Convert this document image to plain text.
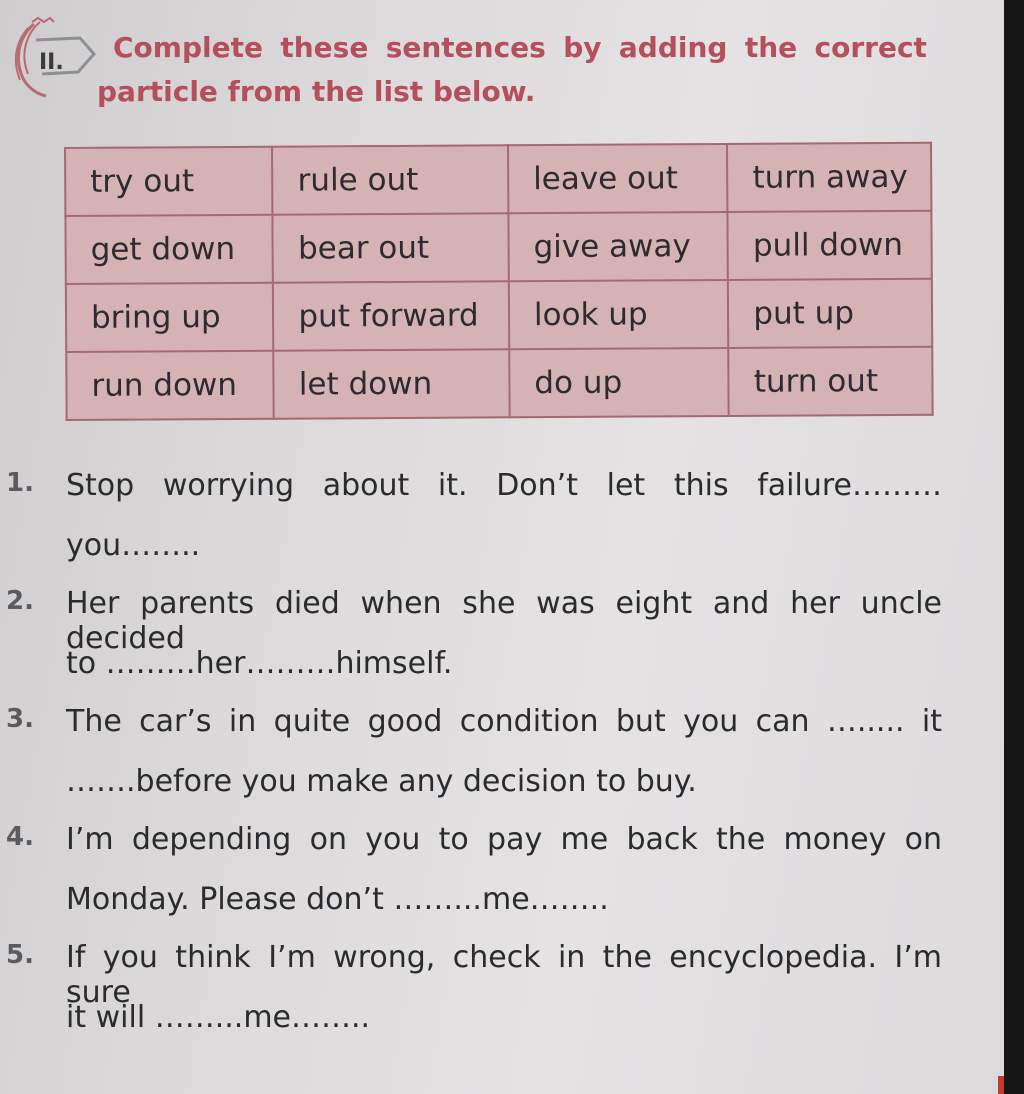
II. Complete these sentences by adding the correct
particle from the list below.
try out	rule out	leave out	turn away
get down	bear out	give away	pull down
bring up	put forward	look up	put up
run down	let down	do up	turn out
1. Stop worrying about it. Don’t let this failure………
you……..
2. Her parents died when she was eight and her uncle decided
to ………her………himself.
3. The car’s in quite good condition but you can …..... it
…….before you make any decision to buy.
4. I’m depending on you to pay me back the money on
Monday. Please don’t ……...me……..
5. If you think I’m wrong, check in the encyclopedia. I’m sure
it will ……...me……..
